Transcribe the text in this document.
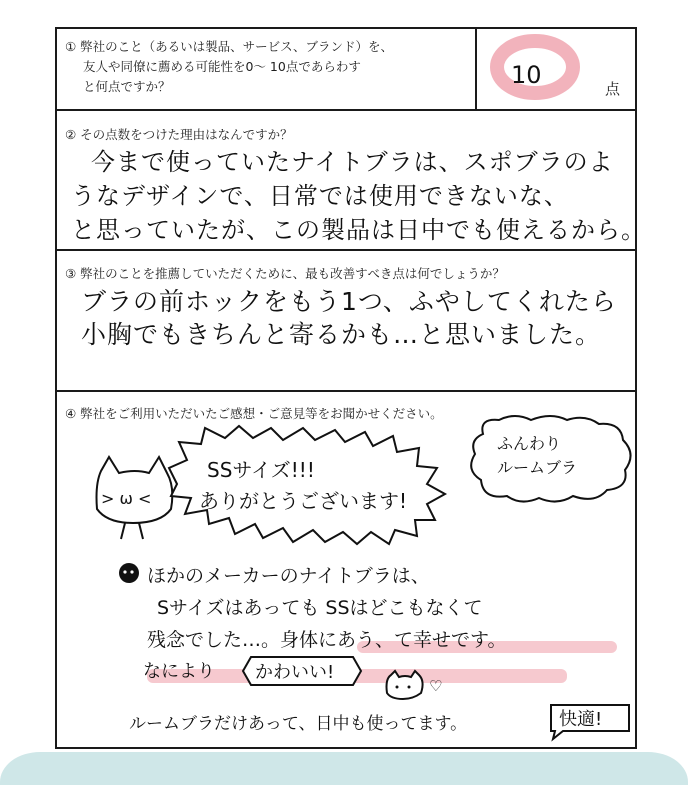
① 弊社のこと（あるいは製品、サービス、ブランド）を、
友人や同僚に薦める可能性を0～ 10点であらわす
と何点ですか？	10	点
② その点数をつけた理由はなんですか？
今まで使っていたナイトブラは、スポブラのよ
うなデザインで、日常では使用できないな、
と思っていたが、この製品は日中でも使えるから。
③ 弊社のことを推薦していただくために、最も改善すべき点は何でしょうか？
ブラの前ホックをもう1つ、ふやしてくれたら
小胸でもきちんと寄るかも…と思いました。
④ 弊社をご利用いただいたご感想・ご意見等をお聞かせください。
> ω <
SSサイズ!!!
ありがとうございます!
ふんわり
ルームブラ
ほかのメーカーのナイトブラは、
Sサイズはあっても SSはどこもなくて
残念でした…。身体にあう、て幸せです。
なにより かわいい!
♡
ルームブラだけあって、日中も使ってます。	快適!
